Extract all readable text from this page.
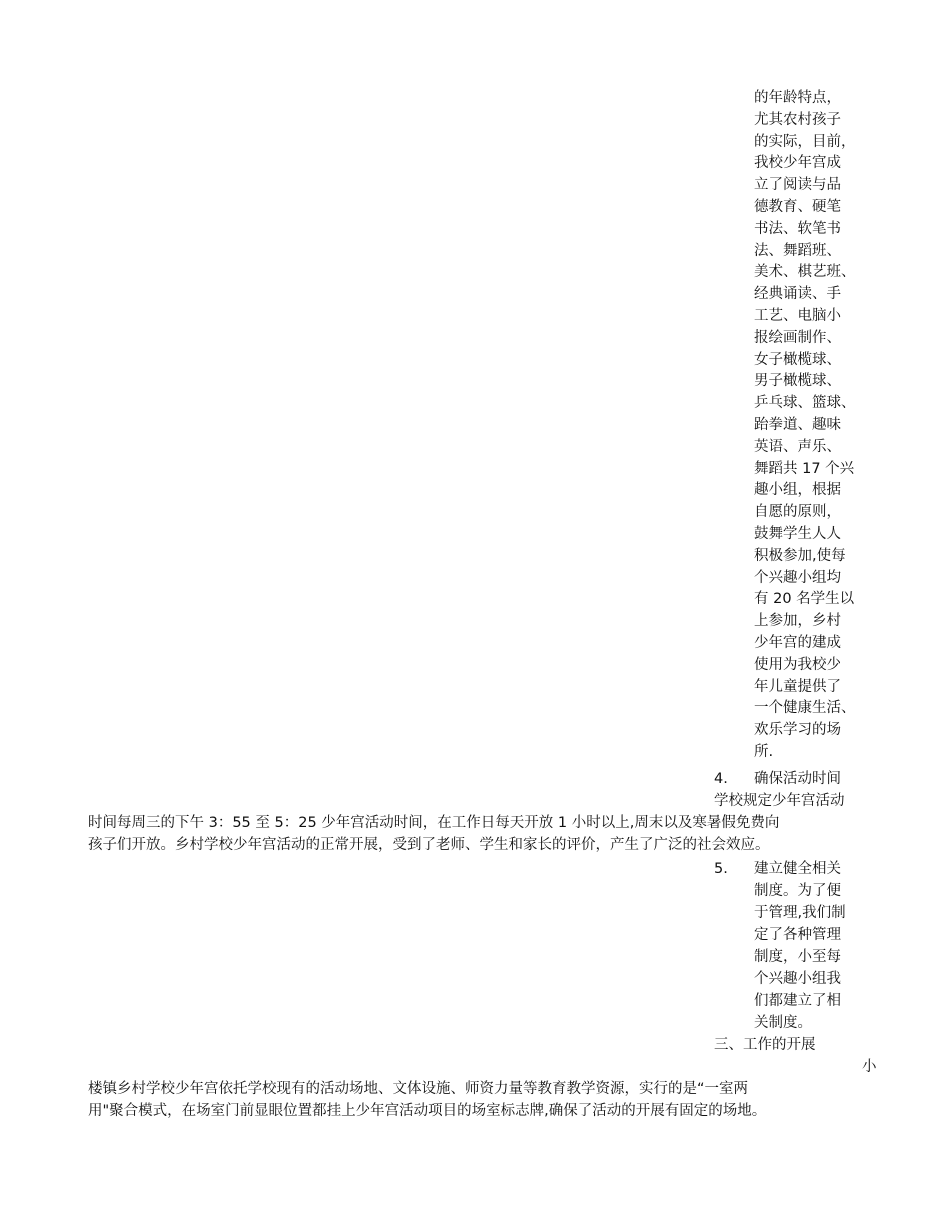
的年龄特点，
尤其农村孩子
的实际，目前，
我校少年宫成
立了阅读与品
德教育、硬笔
书法、软笔书
法、舞蹈班、
美术、棋艺班、
经典诵读、手
工艺、电脑小
报绘画制作、
女子橄榄球、
男子橄榄球、
乒乓球、篮球、
跆拳道、趣味
英语、声乐、
舞蹈共 17 个兴
趣小组，根据
自愿的原则，
鼓舞学生人人
积极参加,使每
个兴趣小组均
有 20 名学生以
上参加，乡村
少年宫的建成
使用为我校少
年儿童提供了
一个健康生活、
欢乐学习的场
所.
4. 确保活动时间
学校规定少年宫活动
时间每周三的下午 3：55 至 5：25 少年宫活动时间，在工作日每天开放 1 小时以上,周末以及寒暑假免费向
孩子们开放。乡村学校少年宫活动的正常开展，受到了老师、学生和家长的评价，产生了广泛的社会效应。
5. 建立健全相关
制度。为了便
于管理,我们制
定了各种管理
制度，小至每
个兴趣小组我
们都建立了相
关制度。
三、工作的开展
小
楼镇乡村学校少年宫依托学校现有的活动场地、文体设施、师资力量等教育教学资源，实行的是“一室两
用"聚合模式，在场室门前显眼位置都挂上少年宫活动项目的场室标志牌,确保了活动的开展有固定的场地。
